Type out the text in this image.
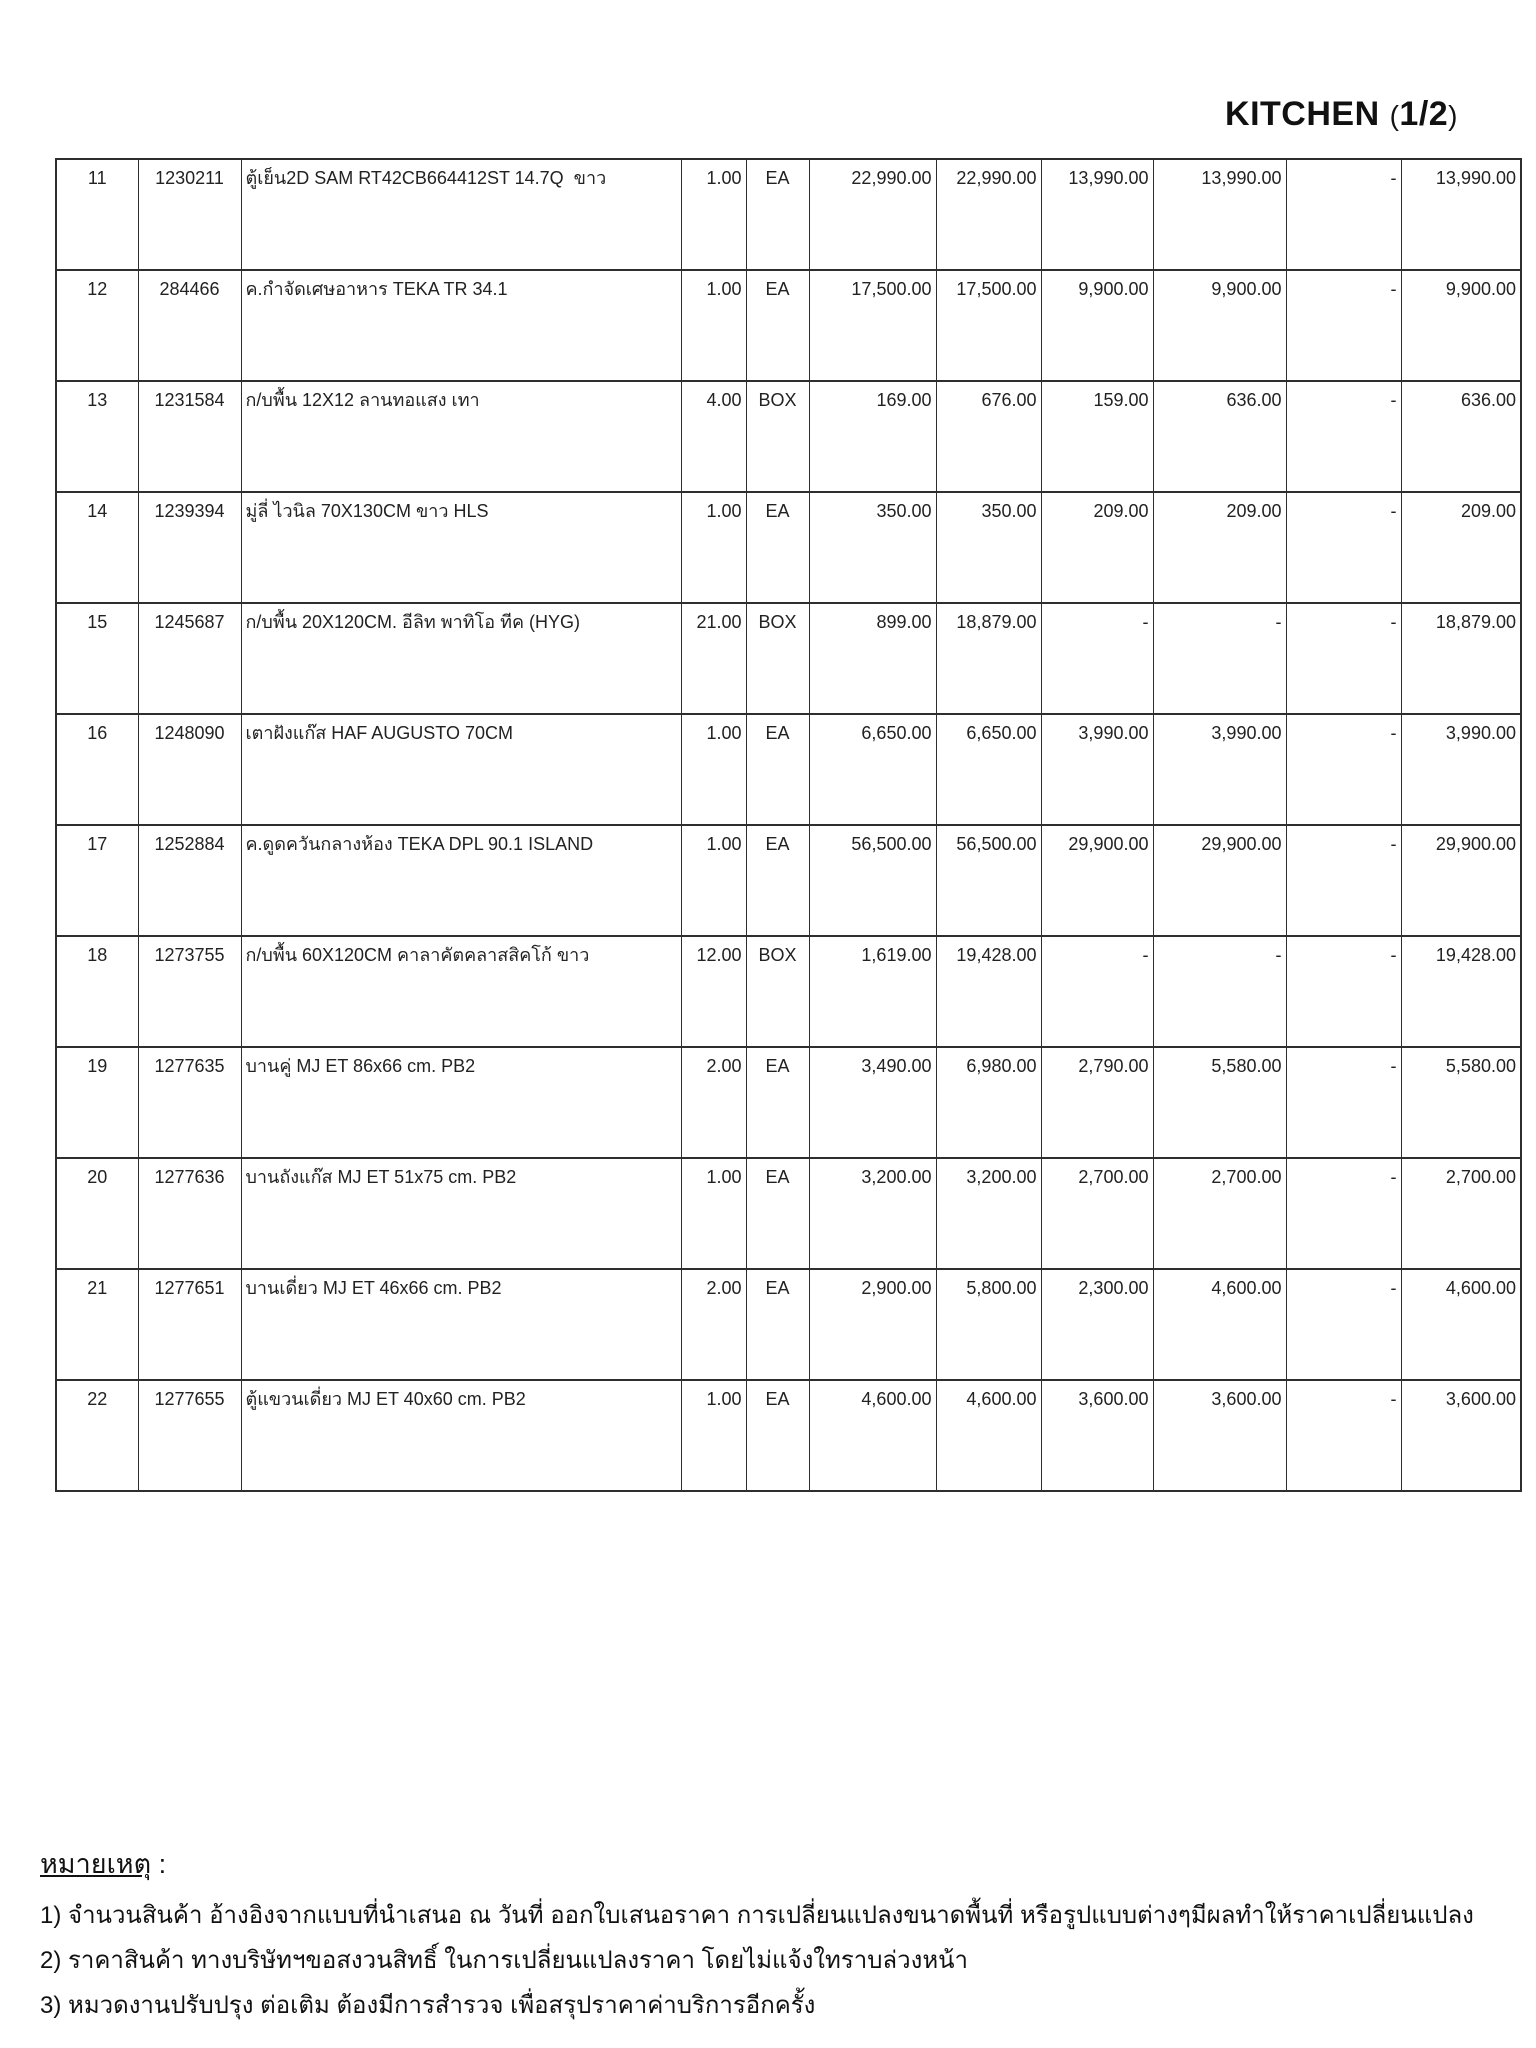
KITCHEN (1/2)
11	1230211	ตู้เย็น2D SAM RT42CB664412ST 14.7Q  ขาว	1.00	EA	22,990.00	22,990.00	13,990.00	13,990.00	-	13,990.00
12	284466	ค.กำจัดเศษอาหาร TEKA TR 34.1	1.00	EA	17,500.00	17,500.00	9,900.00	9,900.00	-	9,900.00
13	1231584	ก/บพื้น 12X12 ลานทอแสง เทา	4.00	BOX	169.00	676.00	159.00	636.00	-	636.00
14	1239394	มู่ลี่ ไวนิล 70X130CM ขาว HLS	1.00	EA	350.00	350.00	209.00	209.00	-	209.00
15	1245687	ก/บพื้น 20X120CM. อีลิท พาทิโอ ทีค (HYG)	21.00	BOX	899.00	18,879.00	-	-	-	18,879.00
16	1248090	เตาฝังแก๊ส HAF AUGUSTO 70CM	1.00	EA	6,650.00	6,650.00	3,990.00	3,990.00	-	3,990.00
17	1252884	ค.ดูดควันกลางห้อง TEKA DPL 90.1 ISLAND	1.00	EA	56,500.00	56,500.00	29,900.00	29,900.00	-	29,900.00
18	1273755	ก/บพื้น 60X120CM คาลาคัตคลาสสิคโก้ ขาว	12.00	BOX	1,619.00	19,428.00	-	-	-	19,428.00
19	1277635	บานคู่ MJ ET 86x66 cm. PB2	2.00	EA	3,490.00	6,980.00	2,790.00	5,580.00	-	5,580.00
20	1277636	บานถังแก๊ส MJ ET 51x75 cm. PB2	1.00	EA	3,200.00	3,200.00	2,700.00	2,700.00	-	2,700.00
21	1277651	บานเดี่ยว MJ ET 46x66 cm. PB2	2.00	EA	2,900.00	5,800.00	2,300.00	4,600.00	-	4,600.00
22	1277655	ตู้แขวนเดี่ยว MJ ET 40x60 cm. PB2	1.00	EA	4,600.00	4,600.00	3,600.00	3,600.00	-	3,600.00
หมายเหตุ :
1) จำนวนสินค้า อ้างอิงจากแบบที่นำเสนอ ณ วันที่ ออกใบเสนอราคา การเปลี่ยนแปลงขนาดพื้นที่ หรือรูปแบบต่างๆมีผลทำให้ราคาเปลี่ยนแปลง
2) ราคาสินค้า ทางบริษัทฯขอสงวนสิทธิ์ ในการเปลี่ยนแปลงราคา โดยไม่แจ้งใทราบล่วงหน้า
3) หมวดงานปรับปรุง ต่อเติม ต้องมีการสำรวจ เพื่อสรุปราคาค่าบริการอีกครั้ง
